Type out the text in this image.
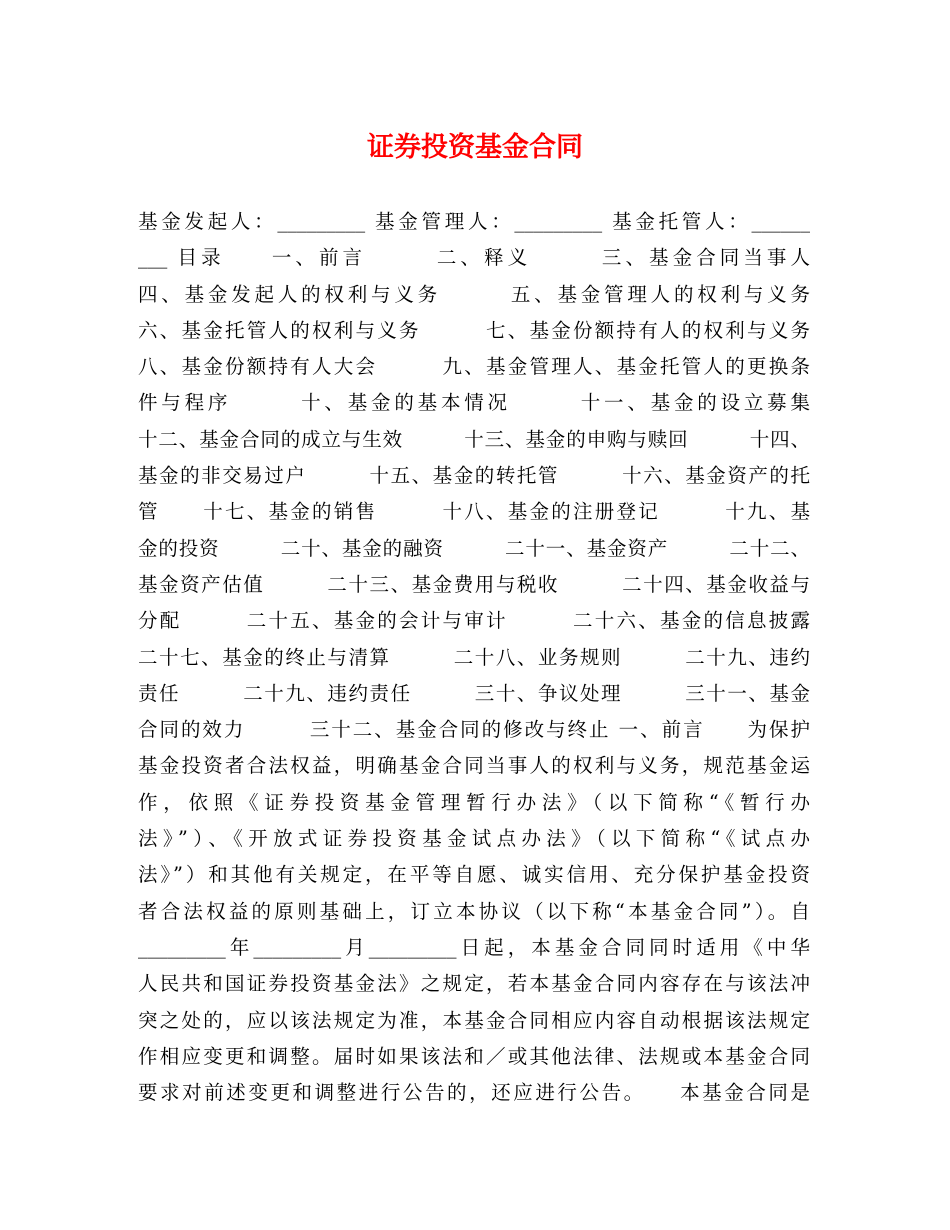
证券投资基金合同
基金发起人：_________ 基金管理人：_________ 基金托管人：______
___ 目录　　一、前言　　　二、释义　　　三、基金合同当事人
四、基金发起人的权利与义务　　　五、基金管理人的权利与义务
六、基金托管人的权利与义务　　　七、基金份额持有人的权利与义务
八、基金份额持有人大会　　　九、基金管理人、基金托管人的更换条
件与程序　　　十、基金的基本情况　　　十一、基金的设立募集
十二、基金合同的成立与生效　　　十三、基金的申购与赎回　　　十四、
基金的非交易过户　　　十五、基金的转托管　　　十六、基金资产的托
管　　十七、基金的销售　　　十八、基金的注册登记　　　十九、基
金的投资　　　二十、基金的融资　　　二十一、基金资产　　　二十二、
基金资产估值　　　二十三、基金费用与税收　　　二十四、基金收益与
分配　　　二十五、基金的会计与审计　　　二十六、基金的信息披露
二十七、基金的终止与清算　　　二十八、业务规则　　　二十九、违约
责任　　　二十九、违约责任　　　三十、争议处理　　　三十一、基金
合同的效力　　　三十二、基金合同的修改与终止 一、前言　　为保护
基金投资者合法权益，明确基金合同当事人的权利与义务，规范基金运
作，依照《证券投资基金管理暂行办法》（以下简称“《暂行办
法》”）、《开放式证券投资基金试点办法》（以下简称“《试点办
法》”）和其他有关规定，在平等自愿、诚实信用、充分保护基金投资
者合法权益的原则基础上，订立本协议（以下称“本基金合同”）。自
_________年_________月_________日起，本基金合同同时适用《中华
人民共和国证券投资基金法》之规定，若本基金合同内容存在与该法冲
突之处的，应以该法规定为准，本基金合同相应内容自动根据该法规定
作相应变更和调整。届时如果该法和／或其他法律、法规或本基金合同
要求对前述变更和调整进行公告的，还应进行公告。　　本基金合同是
